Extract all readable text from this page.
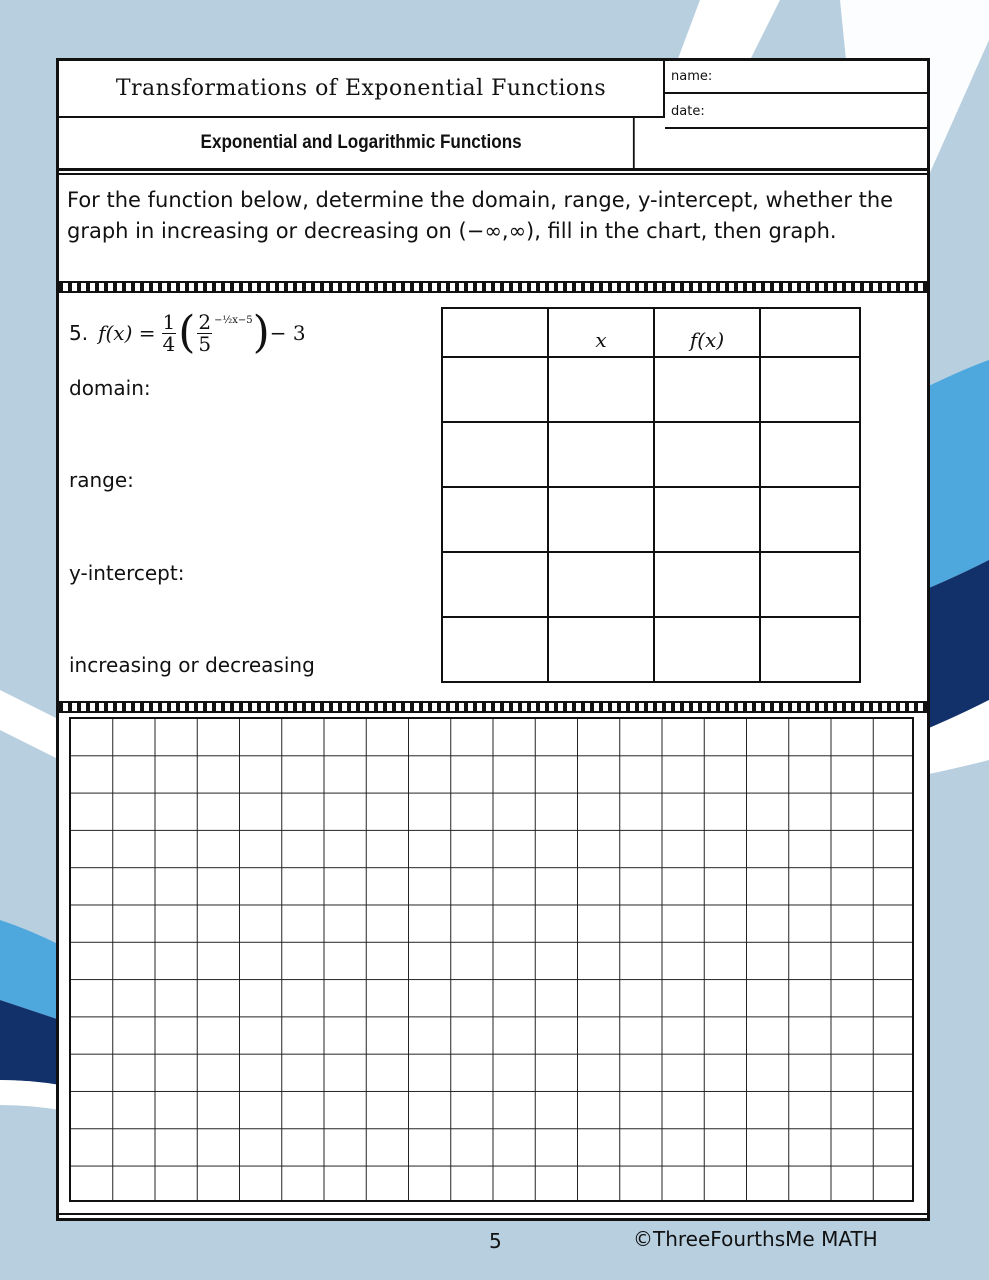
Transformations of Exponential Functions
Exponential and Logarithmic Functions
name:
date:
For the function below, determine the domain, range, y-intercept, whether the graph in increasing or decreasing on (−∞,∞), fill in the chart, then graph.
5. $f(x) = \frac{1}{4}$ ( $\frac{2}{5}$ −½x−5 ) − 3
domain:
range:
y-intercept:
increasing or decreasing
	x	f(x)	

5	©ThreeFourthsMe MATH
